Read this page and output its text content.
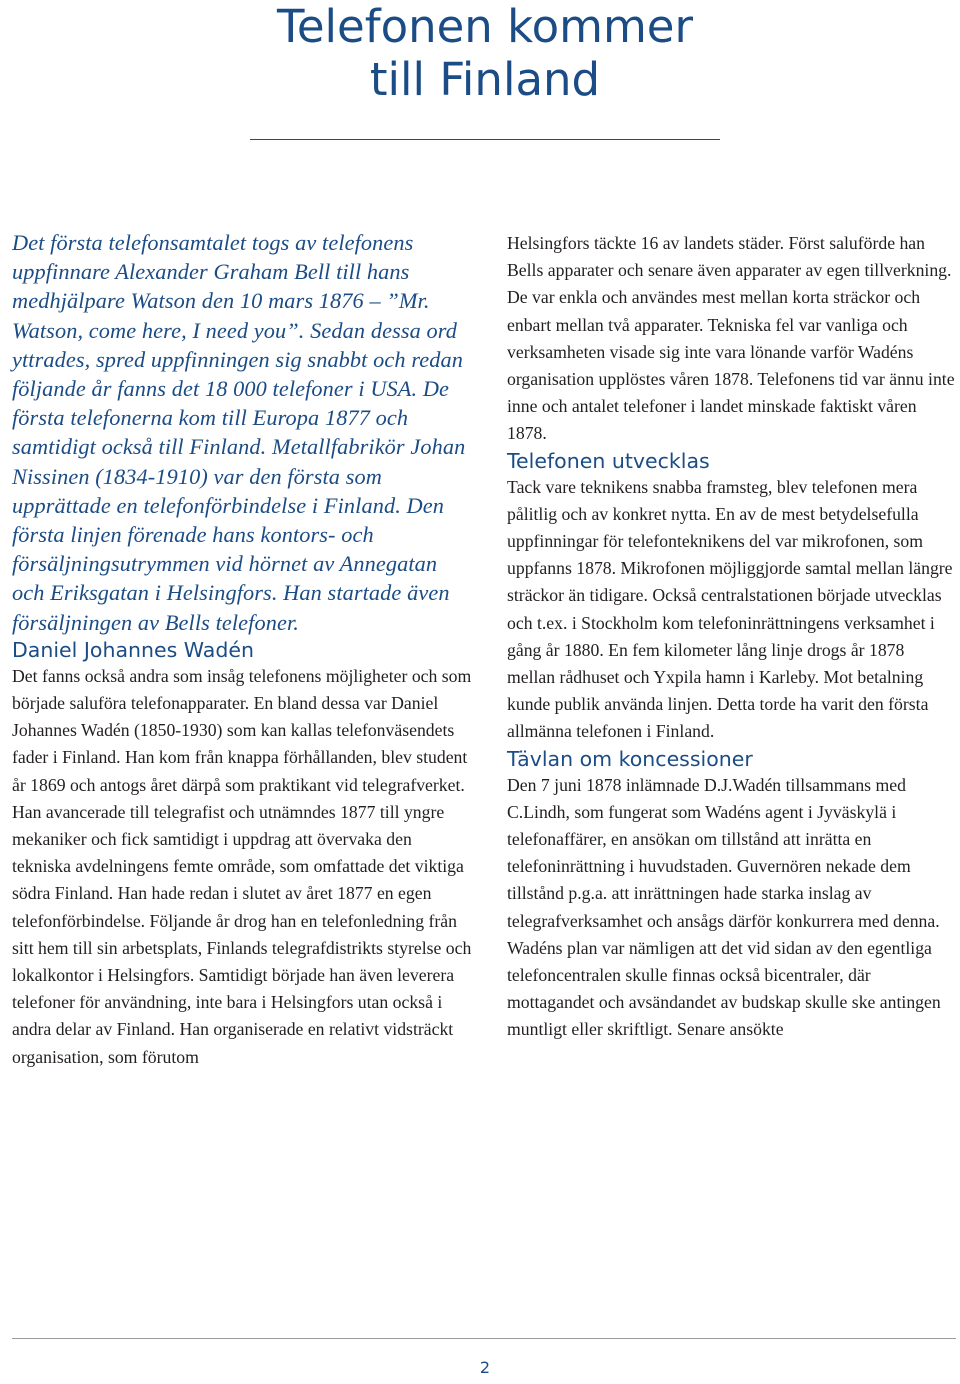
Telefonen kommer
till Finland

Det första telefonsamtalet togs av telefonens uppfinnare Alexander Graham Bell till hans medhjälpare Watson den 10 mars 1876 – ”Mr. Watson, come here, I need you”. Sedan dessa ord yttrades, spred uppfinningen sig snabbt och redan följande år fanns det 18 000 telefoner i USA. De första telefonerna kom till Europa 1877 och samtidigt också till Finland. Metallfabrikör Johan Nissinen (1834-1910) var den första som upprättade en telefonförbindelse i Finland. Den första linjen förenade hans kontors- och försäljningsutrymmen vid hörnet av Annegatan och Eriksgatan i Helsingfors. Han startade även försäljningen av Bells telefoner.

Daniel Johannes Wadén

Det fanns också andra som insåg telefonens möjligheter och som började saluföra telefonapparater. En bland dessa var Daniel Johannes Wadén (1850-1930) som kan kallas telefonväsendets fader i Finland. Han kom från knappa förhållanden, blev student år 1869 och antogs året därpå som praktikant vid telegrafverket. Han avancerade till telegrafist och utnämndes 1877 till yngre mekaniker och fick samtidigt i uppdrag att övervaka den tekniska avdelningens femte område, som omfattade det viktiga södra Finland. Han hade redan i slutet av året 1877 en egen telefonförbindelse. Följande år drog han en telefonledning från sitt hem till sin arbetsplats, Finlands telegrafdistrikts styrelse och lokalkontor i Helsingfors. Samtidigt började han även leverera telefoner för användning, inte bara i Helsingfors utan också i andra delar av Finland. Han organiserade en relativt vidsträckt organisation, som förutom

Helsingfors täckte 16 av landets städer. Först saluförde han Bells apparater och senare även apparater av egen tillverkning. De var enkla och användes mest mellan korta sträckor och enbart mellan två apparater. Tekniska fel var vanliga och verksamheten visade sig inte vara lönande varför Wadéns organisation upplöstes våren 1878. Telefonens tid var ännu inte inne och antalet telefoner i landet minskade faktiskt våren 1878.

Telefonen utvecklas

Tack vare teknikens snabba framsteg, blev telefonen mera pålitlig och av konkret nytta. En av de mest betydelsefulla uppfinningar för telefonteknikens del var mikrofonen, som uppfanns 1878. Mikrofonen möjliggjorde samtal mellan längre sträckor än tidigare. Också centralstationen började utvecklas och t.ex. i Stockholm kom telefoninrättningens verksamhet i gång år 1880. En fem kilometer lång linje drogs år 1878 mellan rådhuset och Yxpila hamn i Karleby. Mot betalning kunde publik använda linjen. Detta torde ha varit den första allmänna telefonen i Finland.

Tävlan om koncessioner

Den 7 juni 1878 inlämnade D.J.Wadén tillsammans med C.Lindh, som fungerat som Wadéns agent i Jyväskylä i telefonaffärer, en ansökan om tillstånd att inrätta en telefoninrättning i huvudstaden. Guvernören nekade dem tillstånd p.g.a. att inrättningen hade starka inslag av telegrafverksamhet och ansågs därför konkurrera med denna. Wadéns plan var nämligen att det vid sidan av den egentliga telefoncentralen skulle finnas också bicentraler, där mottagandet och avsändandet av budskap skulle ske antingen muntligt eller skriftligt. Senare ansökte

2
